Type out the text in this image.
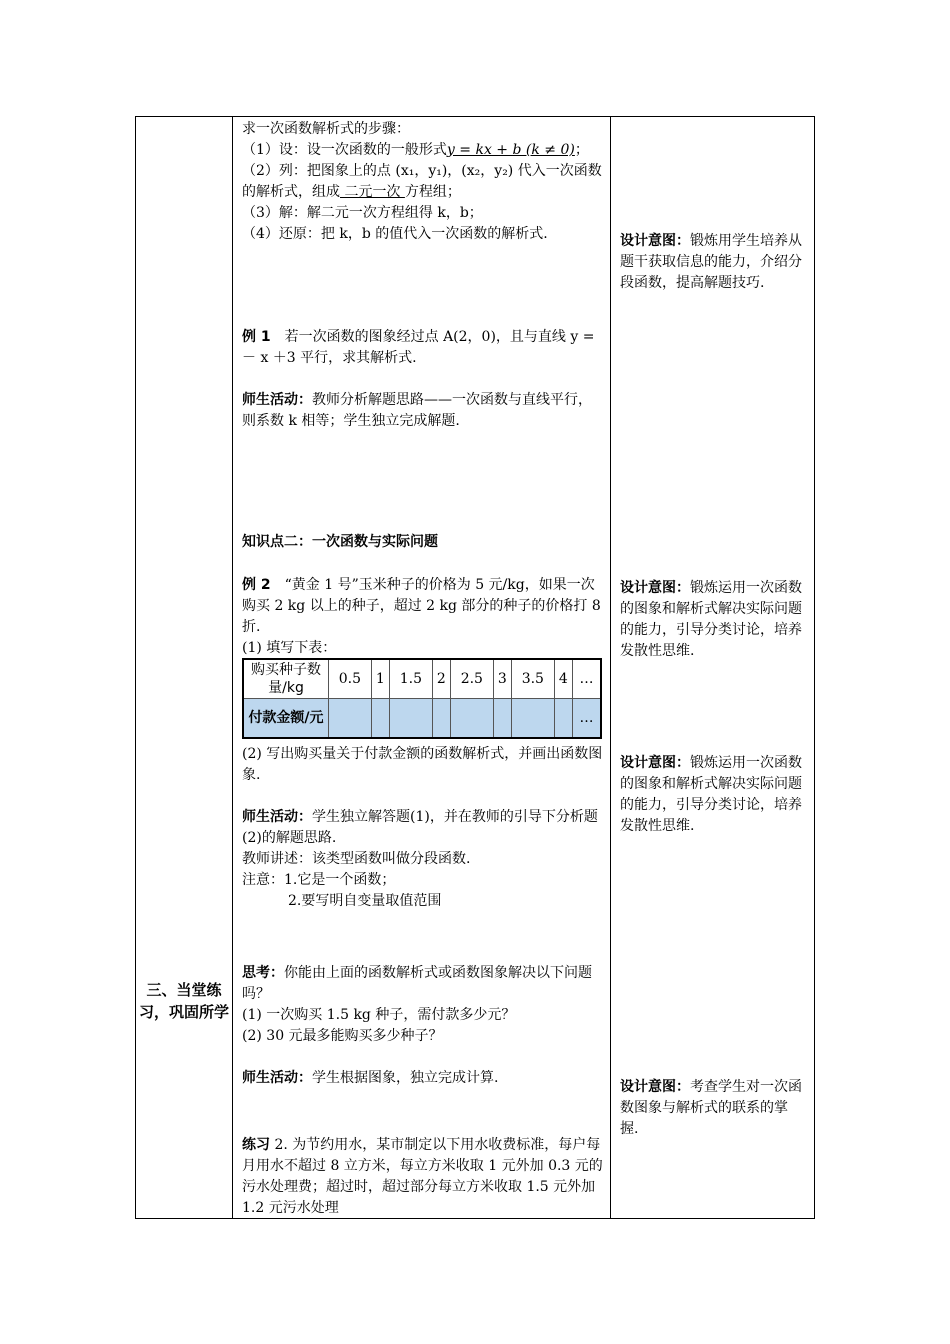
三、当堂练习，巩固所学

求一次函数解析式的步骤：

（1）设：设一次函数的一般形式y = kx + b (k ≠ 0)；　（2）列：把图象上的点 (x₁，y₁)，(x₂，y₂) 代入一次函数的解析式，组成 二元一次 方程组；

（3）解：解二元一次方程组得 k，b；

（4）还原：把 k，b 的值代入一次函数的解析式.

例 1　若一次函数的图象经过点 A(2，0)，且与直线 y = － x ＋3 平行，求其解析式.

师生活动：教师分析解题思路——一次函数与直线平行，则系数 k 相等；学生独立完成解题.

知识点二：一次函数与实际问题

例 2　“黄金 1 号”玉米种子的价格为 5 元/kg，如果一次购买 2 kg 以上的种子，超过 2 kg 部分的种子的价格打 8 折.

(1) 填写下表：

购买种子数量/kg	0.5	1	1.5	2	2.5	3	3.5	4	…
付款金额/元									…

(2) 写出购买量关于付款金额的函数解析式，并画出函数图象.

师生活动：学生独立解答题(1)，并在教师的引导下分析题(2)的解题思路.

教师讲述：该类型函数叫做分段函数.

注意：1.它是一个函数；

2.要写明自变量取值范围

思考：你能由上面的函数解析式或函数图象解决以下问题吗？

(1) 一次购买 1.5 kg 种子，需付款多少元？

(2) 30 元最多能购买多少种子？

师生活动：学生根据图象，独立完成计算.

练习 2. 为节约用水，某市制定以下用水收费标准，每户每月用水不超过 8 立方米，每立方米收取 1 元外加 0.3 元的污水处理费；超过时，超过部分每立方米收取 1.5 元外加 1.2 元污水处理

设计意图：锻炼用学生培养从题干获取信息的能力，介绍分段函数，提高解题技巧.

设计意图：锻炼运用一次函数的图象和解析式解决实际问题的能力，引导分类讨论，培养发散性思维.

设计意图：锻炼运用一次函数的图象和解析式解决实际问题的能力，引导分类讨论，培养发散性思维.

设计意图：考查学生对一次函数图象与解析式的联系的掌握.
